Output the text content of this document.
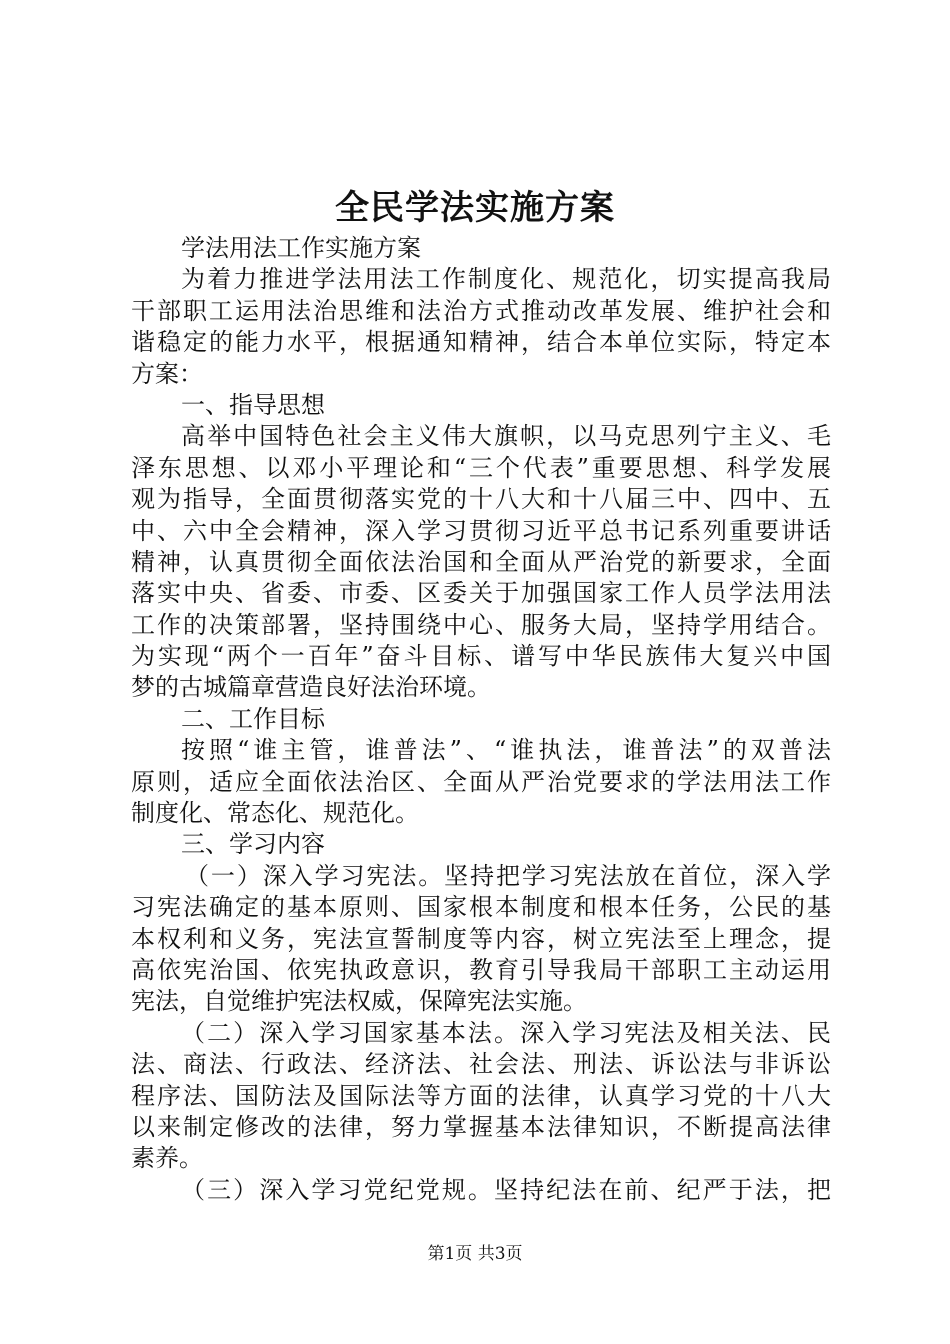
全民学法实施方案
学法用法工作实施方案
为着力推进学法用法工作制度化、规范化，切实提高我局
干部职工运用法治思维和法治方式推动改革发展、维护社会和
谐稳定的能力水平，根据通知精神，结合本单位实际，特定本
方案：
一、指导思想
高举中国特色社会主义伟大旗帜，以马克思列宁主义、毛
泽东思想、以邓小平理论和“三个代表”重要思想、科学发展
观为指导，全面贯彻落实党的十八大和十八届三中、四中、五
中、六中全会精神，深入学习贯彻习近平总书记系列重要讲话
精神，认真贯彻全面依法治国和全面从严治党的新要求，全面
落实中央、省委、市委、区委关于加强国家工作人员学法用法
工作的决策部署，坚持围绕中心、服务大局，坚持学用结合。
为实现“两个一百年”奋斗目标、谱写中华民族伟大复兴中国
梦的古城篇章营造良好法治环境。
二、工作目标
按照“谁主管，谁普法”、“谁执法，谁普法”的双普法
原则，适应全面依法治区、全面从严治党要求的学法用法工作
制度化、常态化、规范化。
三、学习内容
（一）深入学习宪法。坚持把学习宪法放在首位，深入学
习宪法确定的基本原则、国家根本制度和根本任务，公民的基
本权利和义务，宪法宣誓制度等内容，树立宪法至上理念，提
高依宪治国、依宪执政意识，教育引导我局干部职工主动运用
宪法，自觉维护宪法权威，保障宪法实施。
（二）深入学习国家基本法。深入学习宪法及相关法、民
法、商法、行政法、经济法、社会法、刑法、诉讼法与非诉讼
程序法、国防法及国际法等方面的法律，认真学习党的十八大
以来制定修改的法律，努力掌握基本法律知识，不断提高法律
素养。
（三）深入学习党纪党规。坚持纪法在前、纪严于法，把
第1页 共3页
